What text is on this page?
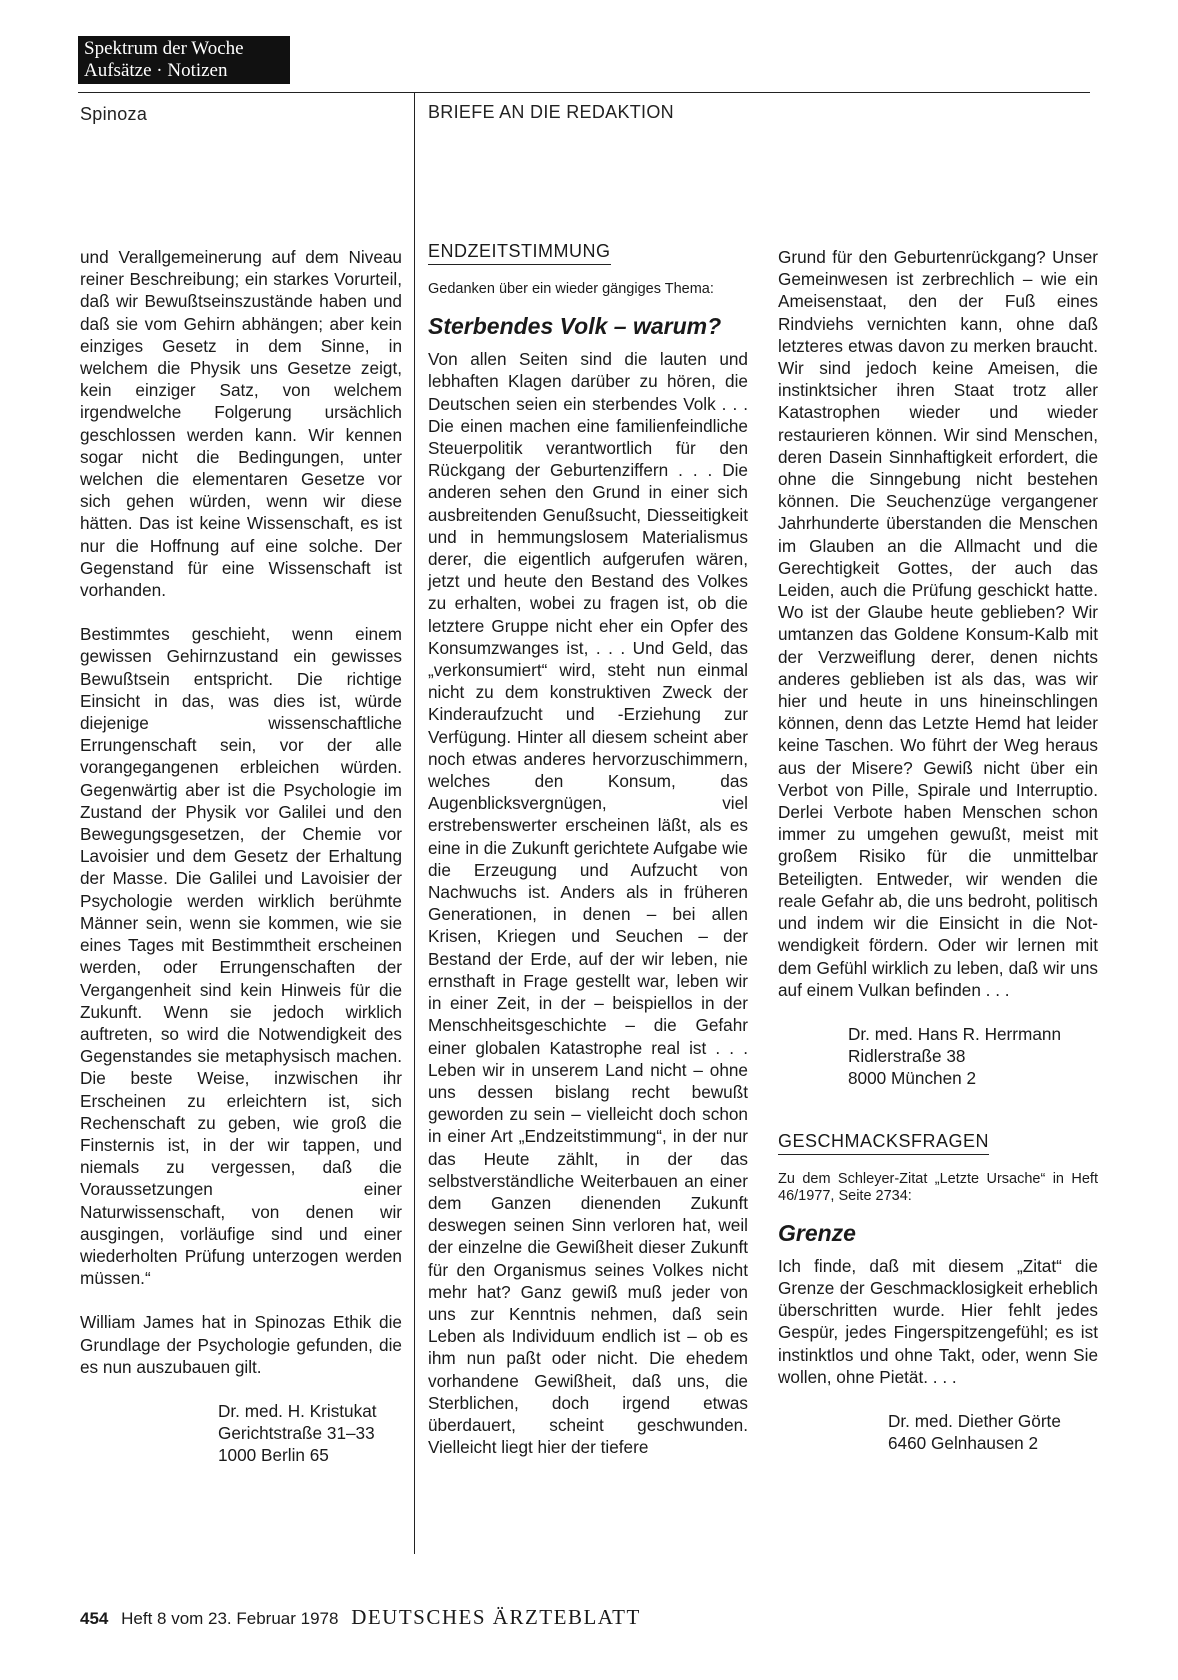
Spektrum der Woche
Aufsätze · Notizen
Spinoza	BRIEFE AN DIE REDAKTION

und Verallgemeinerung auf dem Niveau reiner Beschreibung; ein starkes Vorurteil, daß wir Bewußtseinszustände haben und daß sie vom Gehirn abhängen; aber kein einziges Gesetz in dem Sinne, in welchem die Physik uns Gesetze zeigt, kein einziger Satz, von welchem irgendwelche Folgerung ursächlich geschlossen werden kann. Wir kennen sogar nicht die Bedingungen, unter welchen die elementaren Gesetze vor sich gehen würden, wenn wir diese hätten. Das ist keine Wissenschaft, es ist nur die Hoffnung auf eine solche. Der Gegenstand für eine Wissenschaft ist vorhanden.

Bestimmtes geschieht, wenn einem gewissen Gehirnzustand ein gewisses Bewußtsein entspricht. Die richtige Einsicht in das, was dies ist, würde diejenige wissenschaftliche Errungenschaft sein, vor der alle vorangegangenen erbleichen würden. Gegenwärtig aber ist die Psychologie im Zustand der Physik vor Galilei und den Bewegungsgesetzen, der Chemie vor Lavoisier und dem Gesetz der Erhaltung der Masse. Die Galilei und Lavoisier der Psychologie werden wirklich berühmte Männer sein, wenn sie kommen, wie sie eines Tages mit Bestimmtheit erscheinen werden, oder Errungenschaften der Vergangenheit sind kein Hinweis für die Zukunft. Wenn sie jedoch wirklich auftreten, so wird die Notwendigkeit des Gegenstandes sie metaphysisch machen. Die beste Weise, inzwischen ihr Erscheinen zu erleichtern ist, sich Rechenschaft zu geben, wie groß die Finsternis ist, in der wir tappen, und niemals zu vergessen, daß die Voraussetzungen einer Naturwissenschaft, von denen wir ausgingen, vorläufige sind und einer wiederholten Prüfung unterzogen werden müssen.“

William James hat in Spinozas Ethik die Grundlage der Psychologie gefunden, die es nun auszubauen gilt.

Dr. med. H. Kristukat
Gerichtstraße 31–33
1000 Berlin 65
ENDZEITSTIMMUNG
Gedanken über ein wieder gängiges Thema:
Sterbendes Volk – warum?

Von allen Seiten sind die lauten und lebhaften Klagen darüber zu hören, die Deutschen seien ein sterbendes Volk . . . Die einen machen eine familienfeindliche Steuerpolitik verantwortlich für den Rückgang der Geburtenziffern . . . Die anderen sehen den Grund in einer sich ausbreitenden Genußsucht, Diesseitigkeit und in hemmungslosem Materialismus derer, die eigentlich aufgerufen wären, jetzt und heute den Bestand des Volkes zu erhalten, wobei zu fragen ist, ob die letztere Gruppe nicht eher ein Opfer des Konsumzwanges ist, . . . Und Geld, das „verkonsumiert“ wird, steht nun einmal nicht zu dem konstruktiven Zweck der Kinderaufzucht und -Erziehung zur Verfügung. Hinter all diesem scheint aber noch etwas anderes hervorzuschimmern, welches den Konsum, das Augenblicksvergnügen, viel erstrebenswerter erscheinen läßt, als es eine in die Zukunft gerichtete Aufgabe wie die Erzeugung und Aufzucht von Nachwuchs ist. Anders als in früheren Generationen, in denen – bei allen Krisen, Kriegen und Seuchen – der Bestand der Erde, auf der wir leben, nie ernsthaft in Frage gestellt war, leben wir in einer Zeit, in der – beispiellos in der Menschheitsgeschichte – die Gefahr einer globalen Katastrophe real ist . . . Leben wir in unserem Land nicht – ohne uns dessen bislang recht bewußt geworden zu sein – vielleicht doch schon in einer Art „Endzeitstimmung“, in der nur das Heute zählt, in der das selbstverständliche Weiterbauen an einer dem Ganzen dienenden Zukunft deswegen seinen Sinn verloren hat, weil der einzelne die Gewißheit dieser Zukunft für den Organismus seines Volkes nicht mehr hat? Ganz gewiß muß jeder von uns zur Kenntnis nehmen, daß sein Leben als Individuum endlich ist – ob es ihm nun paßt oder nicht. Die ehedem vorhandene Gewißheit, daß uns, die Sterblichen, doch irgend etwas überdauert, scheint geschwunden. Vielleicht liegt hier der tiefere

Grund für den Geburtenrückgang? Unser Gemeinwesen ist zerbrechlich – wie ein Ameisenstaat, den der Fuß eines Rindviehs vernichten kann, ohne daß letzteres etwas davon zu merken braucht. Wir sind jedoch keine Ameisen, die instinktsicher ihren Staat trotz aller Katastrophen wieder und wieder restaurieren können. Wir sind Menschen, deren Dasein Sinnhaftigkeit erfordert, die ohne die Sinngebung nicht bestehen können. Die Seuchenzüge vergangener Jahrhunderte überstanden die Menschen im Glauben an die Allmacht und die Gerechtigkeit Gottes, der auch das Leiden, auch die Prüfung geschickt hatte. Wo ist der Glaube heute geblieben? Wir umtanzen das Goldene Konsum-Kalb mit der Verzweiflung derer, denen nichts anderes geblieben ist als das, was wir hier und heute in uns hineinschlingen können, denn das Letzte Hemd hat leider keine Taschen. Wo führt der Weg heraus aus der Misere? Gewiß nicht über ein Verbot von Pille, Spirale und Interruptio. Derlei Verbote haben Menschen schon immer zu umgehen gewußt, meist mit großem Risiko für die unmittelbar Beteiligten. Entweder, wir wenden die reale Gefahr ab, die uns bedroht, politisch und indem wir die Einsicht in die Not-wendigkeit fördern. Oder wir lernen mit dem Gefühl wirklich zu leben, daß wir uns auf einem Vulkan befinden . . .

Dr. med. Hans R. Herrmann
Ridlerstraße 38
8000 München 2
GESCHMACKSFRAGEN
Zu dem Schleyer-Zitat „Letzte Ursache“ in Heft 46/1977, Seite 2734:
Grenze

Ich finde, daß mit diesem „Zitat“ die Grenze der Geschmacklosigkeit erheblich überschritten wurde. Hier fehlt jedes Gespür, jedes Fingerspitzengefühl; es ist instinktlos und ohne Takt, oder, wenn Sie wollen, ohne Pietät. . . .

Dr. med. Diether Görte
6460 Gelnhausen 2
454 Heft 8 vom 23. Februar 1978 DEUTSCHES ÄRZTEBLATT
